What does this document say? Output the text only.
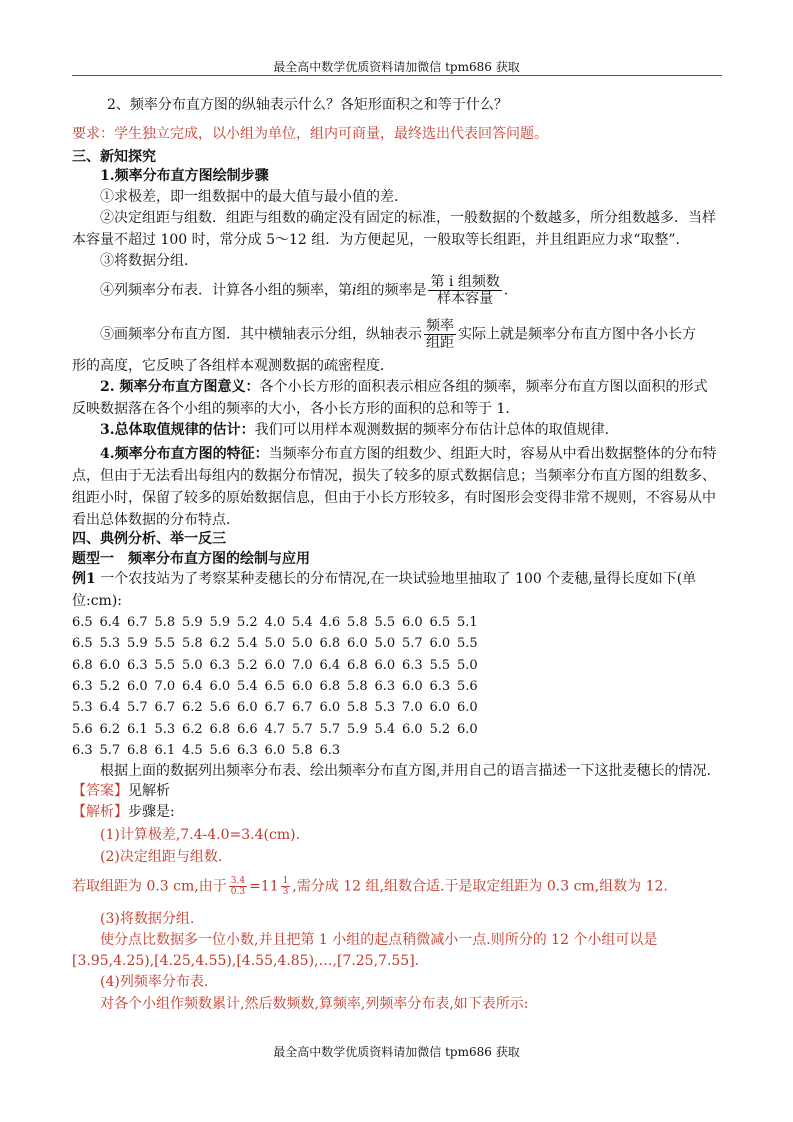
最全高中数学优质资料请加微信 tpm686 获取
2、频率分布直方图的纵轴表示什么？各矩形面积之和等于什么？
要求：学生独立完成，以小组为单位，组内可商量，最终选出代表回答问题。
三、新知探究
1.频率分布直方图绘制步骤
①求极差，即一组数据中的最大值与最小值的差．
②决定组距与组数．组距与组数的确定没有固定的标准，一般数据的个数越多，所分组数越多．当样本容量不超过 100 时，常分成 5～12 组．为方便起见，一般取等长组距，并且组距应力求“取整”．
③将数据分组．
④列频率分布表．计算各小组的频率，第i组的频率是 $\frac{\text{第 i 组频数}}{\text{样本容量}}$ .
⑤画频率分布直方图．其中横轴表示分组，纵轴表示 $\frac{\text{频率}}{\text{组距}}$ 实际上就是频率分布直方图中各小长方
形的高度，它反映了各组样本观测数据的疏密程度．
2. 频率分布直方图意义：各个小长方形的面积表示相应各组的频率，频率分布直方图以面积的形式反映数据落在各个小组的频率的大小，各小长方形的面积的总和等于 1.
3.总体取值规律的估计：我们可以用样本观测数据的频率分布估计总体的取值规律．
4.频率分布直方图的特征：当频率分布直方图的组数少、组距大时，容易从中看出数据整体的分布特点，但由于无法看出每组内的数据分布情况，损失了较多的原式数据信息；当频率分布直方图的组数多、组距小时，保留了较多的原始数据信息，但由于小长方形较多，有时图形会变得非常不规则，不容易从中看出总体数据的分布特点．
四、典例分析、举一反三
题型一　频率分布直方图的绘制与应用
例1 一个农技站为了考察某种麦穗长的分布情况,在一块试验地里抽取了 100 个麦穗,量得长度如下(单位:cm):
6.5	6.4	6.7	5.8	5.9	5.9	5.2	4.0	5.4	4.6	5.8	5.5	6.0	6.5	5.1
6.5	5.3	5.9	5.5	5.8	6.2	5.4	5.0	5.0	6.8	6.0	5.0	5.7	6.0	5.5
6.8	6.0	6.3	5.5	5.0	6.3	5.2	6.0	7.0	6.4	6.8	6.0	6.3	5.5	5.0
6.3	5.2	6.0	7.0	6.4	6.0	5.4	6.5	6.0	6.8	5.8	6.3	6.0	6.3	5.6
5.3	6.4	5.7	6.7	6.2	5.6	6.0	6.7	6.7	6.0	5.8	5.3	7.0	6.0	6.0
5.6	6.2	6.1	5.3	6.2	6.8	6.6	4.7	5.7	5.7	5.9	5.4	6.0	5.2	6.0
6.3	5.7	6.8	6.1	4.5	5.6	6.3	6.0	5.8	6.3					
根据上面的数据列出频率分布表、绘出频率分布直方图,并用自己的语言描述一下这批麦穗长的情况.
【答案】见解析
【解析】步骤是:
(1)计算极差,7.4-4.0=3.4(cm).
(2)决定组距与组数.
若取组距为 0.3 cm,由于 $\frac{3.4}{0.3} =11 \frac{1}{3}$ ,需分成 12 组,组数合适.于是取定组距为 0.3 cm,组数为 12.
(3)将数据分组.
使分点比数据多一位小数,并且把第 1 小组的起点稍微减小一点.则所分的 12 个小组可以是
[3.95,4.25),[4.25,4.55),[4.55,4.85),…,[7.25,7.55].
(4)列频率分布表.
对各个小组作频数累计,然后数频数,算频率,列频率分布表,如下表所示:
最全高中数学优质资料请加微信 tpm686 获取
